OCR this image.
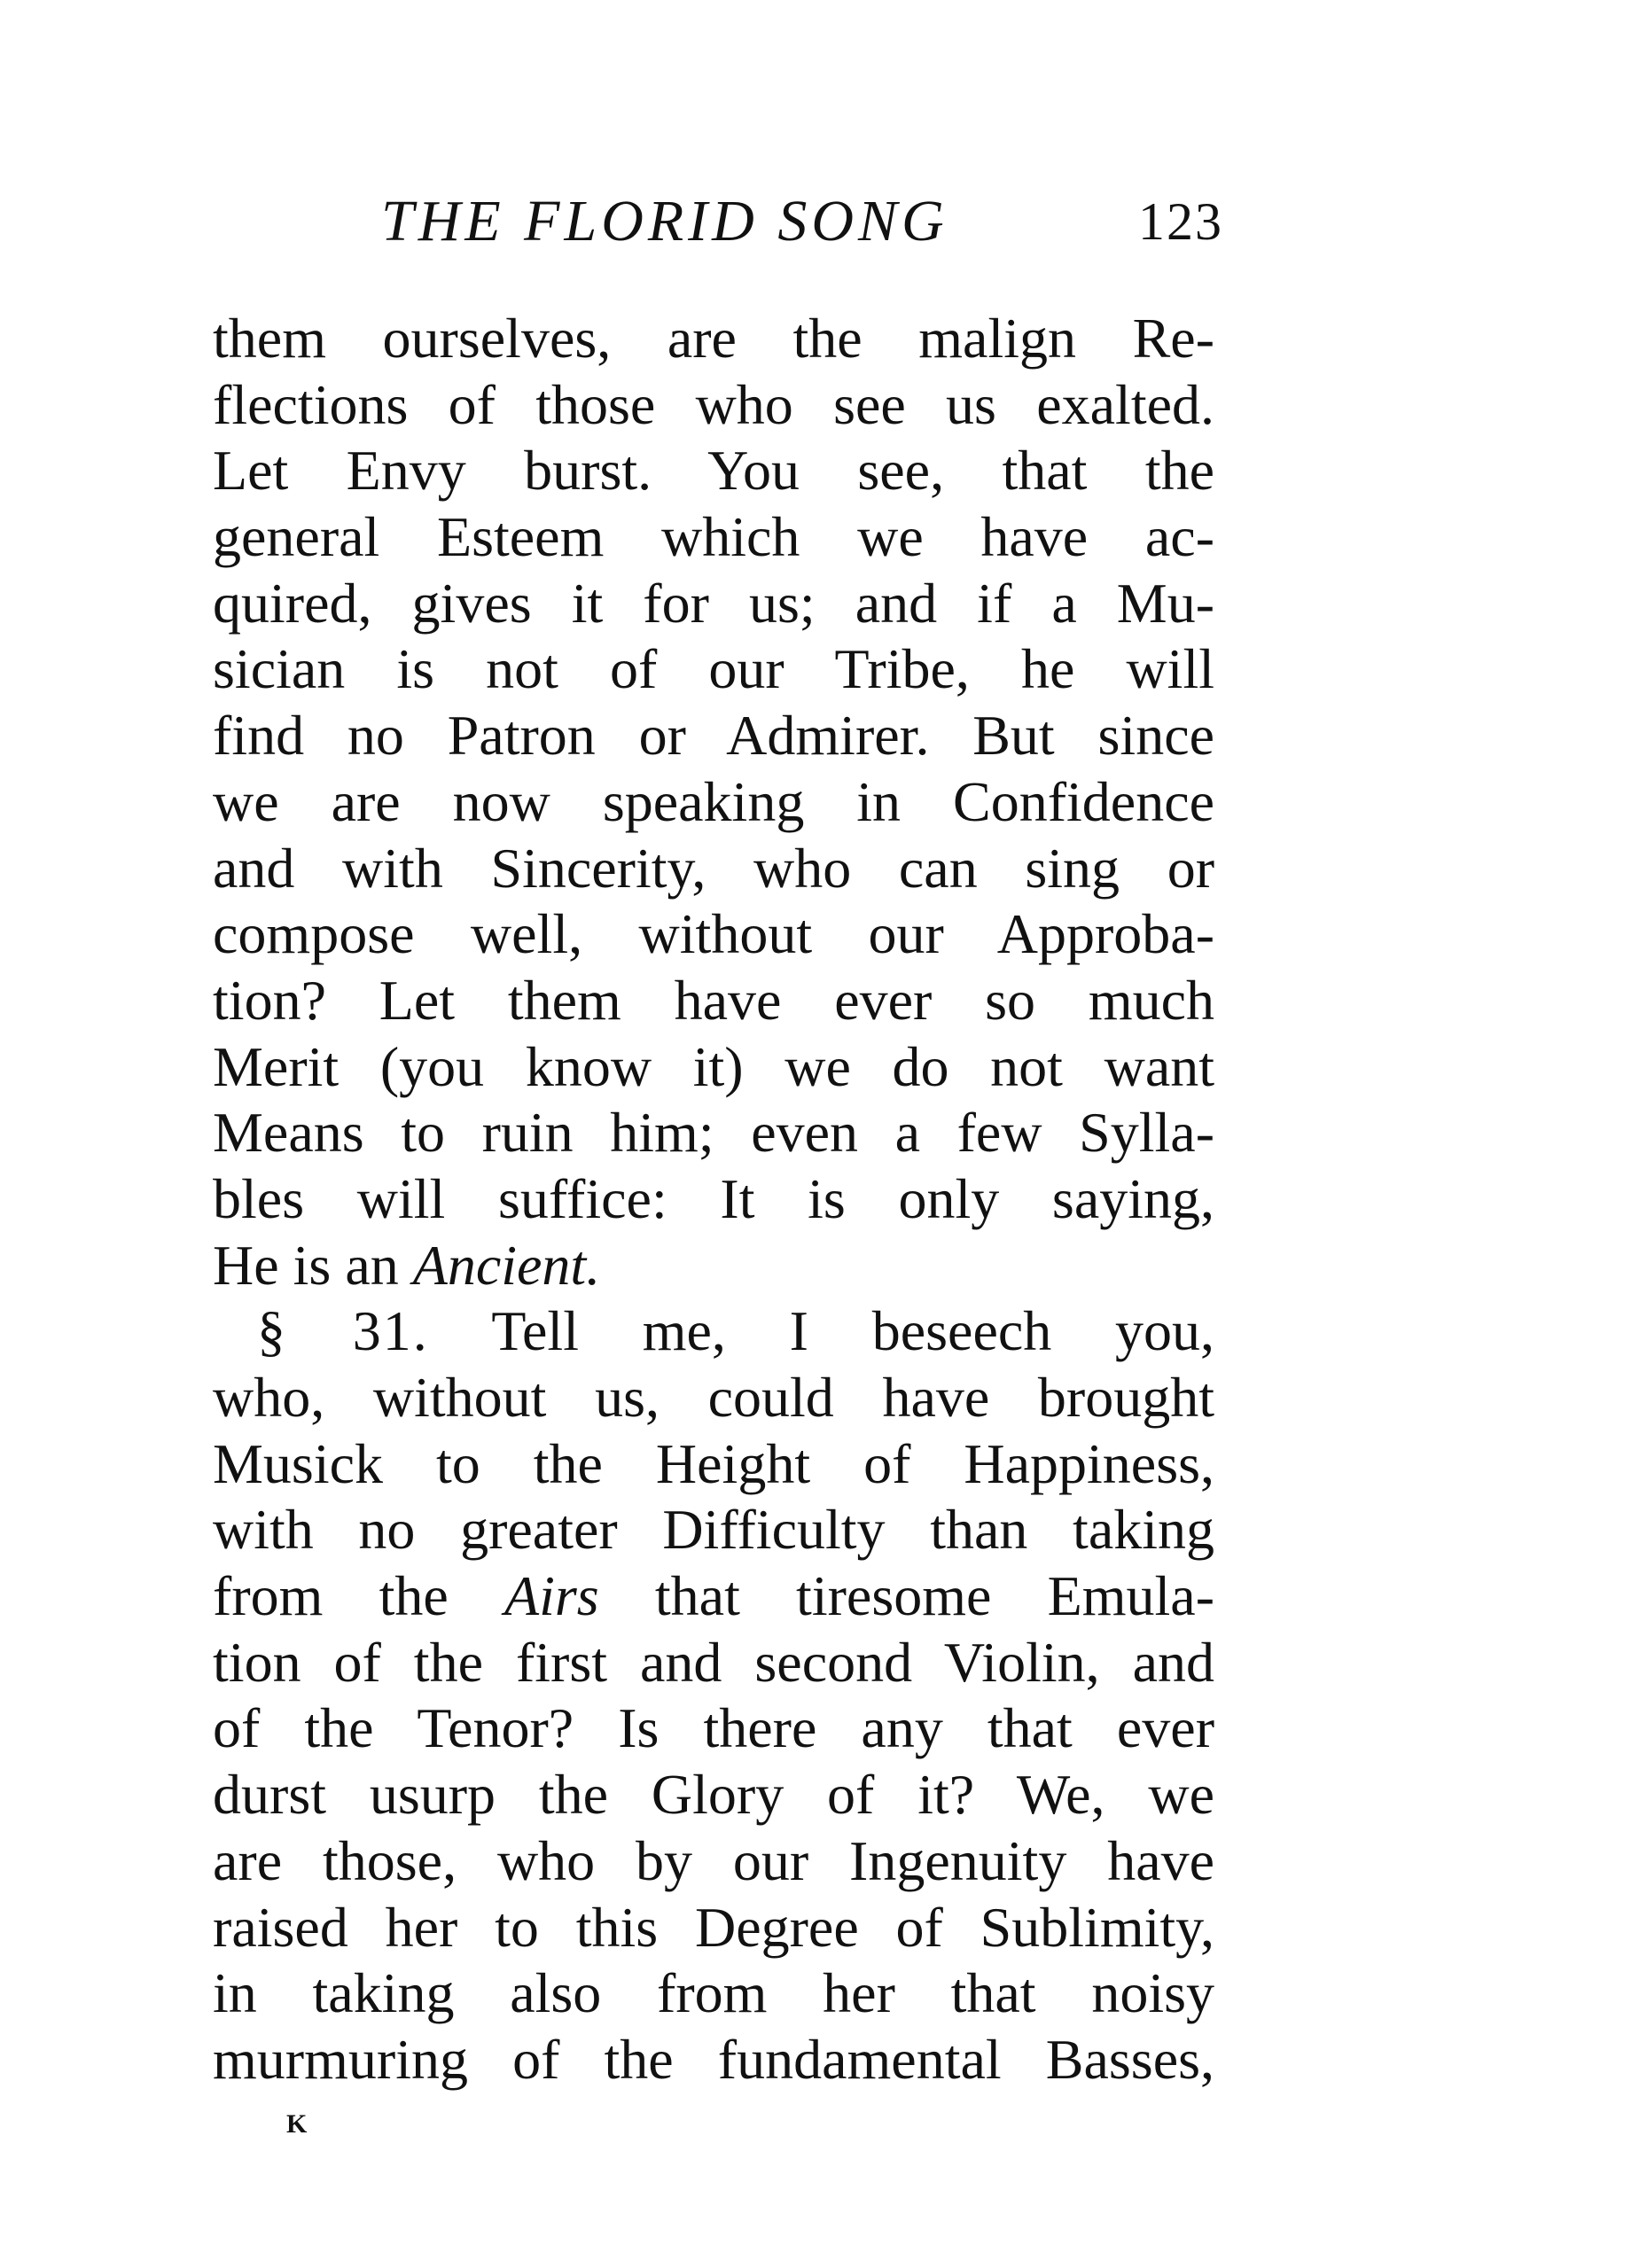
THE FLORID SONG	123
them ourselves, are the malign Re-
flections of those who see us exalted.
Let Envy burst. You see, that the
general Esteem which we have ac-
quired, gives it for us; and if a Mu-
sician is not of our Tribe, he will
find no Patron or Admirer. But since
we are now speaking in Confidence
and with Sincerity, who can sing or
compose well, without our Approba-
tion? Let them have ever so much
Merit (you know it) we do not want
Means to ruin him; even a few Sylla-
bles will suffice: It is only saying,
He is an Ancient.
§ 31. Tell me, I beseech you,
who, without us, could have brought
Musick to the Height of Happiness,
with no greater Difficulty than taking
from the Airs that tiresome Emula-
tion of the first and second Violin, and
of the Tenor? Is there any that ever
durst usurp the Glory of it? We, we
are those, who by our Ingenuity have
raised her to this Degree of Sublimity,
in taking also from her that noisy
murmuring of the fundamental Basses,
K
